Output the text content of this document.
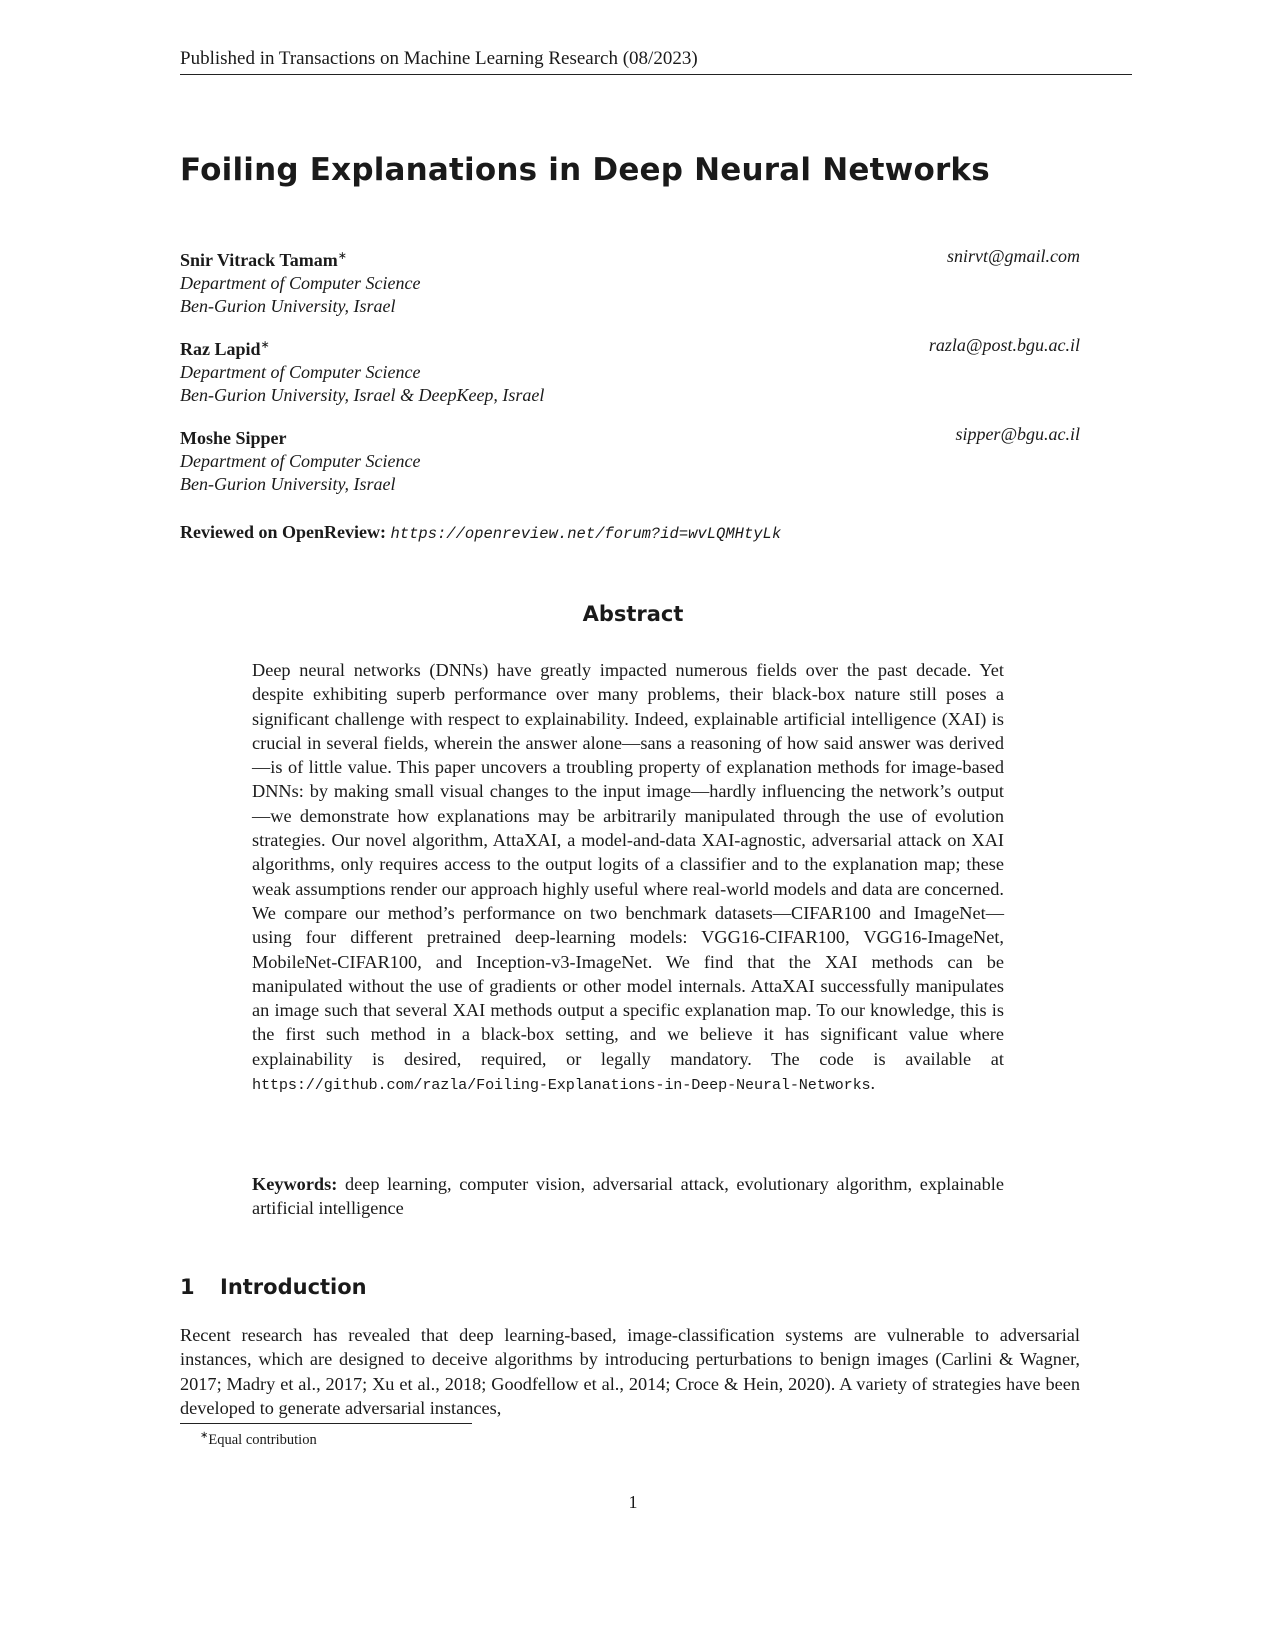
Published in Transactions on Machine Learning Research (08/2023)
Foiling Explanations in Deep Neural Networks
Snir Vitrack Tamam∗
Department of Computer Science
Ben-Gurion University, Israel
snirvt@gmail.com
Raz Lapid∗
Department of Computer Science
Ben-Gurion University, Israel & DeepKeep, Israel
razla@post.bgu.ac.il
Moshe Sipper
Department of Computer Science
Ben-Gurion University, Israel
sipper@bgu.ac.il
Reviewed on OpenReview: https://openreview.net/forum?id=wvLQMHtyLk
Abstract
Deep neural networks (DNNs) have greatly impacted numerous fields over the past decade. Yet despite exhibiting superb performance over many problems, their black-box nature still poses a significant challenge with respect to explainability. Indeed, explainable artificial intelligence (XAI) is crucial in several fields, wherein the answer alone—sans a reasoning of how said answer was derived—is of little value. This paper uncovers a troubling property of explanation methods for image-based DNNs: by making small visual changes to the input image—hardly influencing the network’s output—we demonstrate how explanations may be arbitrarily manipulated through the use of evolution strategies. Our novel algorithm, AttaXAI, a model-and-data XAI-agnostic, adversarial attack on XAI algorithms, only requires access to the output logits of a classifier and to the explanation map; these weak assumptions render our approach highly useful where real-world models and data are concerned. We compare our method’s performance on two benchmark datasets—CIFAR100 and ImageNet—using four different pretrained deep-learning models: VGG16-CIFAR100, VGG16-ImageNet, MobileNet-CIFAR100, and Inception-v3-ImageNet. We find that the XAI methods can be manipulated without the use of gradients or other model internals. AttaXAI successfully manipulates an image such that several XAI methods output a specific explanation map. To our knowledge, this is the first such method in a black-box setting, and we believe it has significant value where explainability is desired, required, or legally mandatory. The code is available at https://github.com/razla/Foiling-Explanations-in-Deep-Neural-Networks.
Keywords: deep learning, computer vision, adversarial attack, evolutionary algorithm, explainable artificial intelligence
1 Introduction
Recent research has revealed that deep learning-based, image-classification systems are vulnerable to adversarial instances, which are designed to deceive algorithms by introducing perturbations to benign images (Carlini & Wagner, 2017; Madry et al., 2017; Xu et al., 2018; Goodfellow et al., 2014; Croce & Hein, 2020). A variety of strategies have been developed to generate adversarial instances,
∗Equal contribution
1
